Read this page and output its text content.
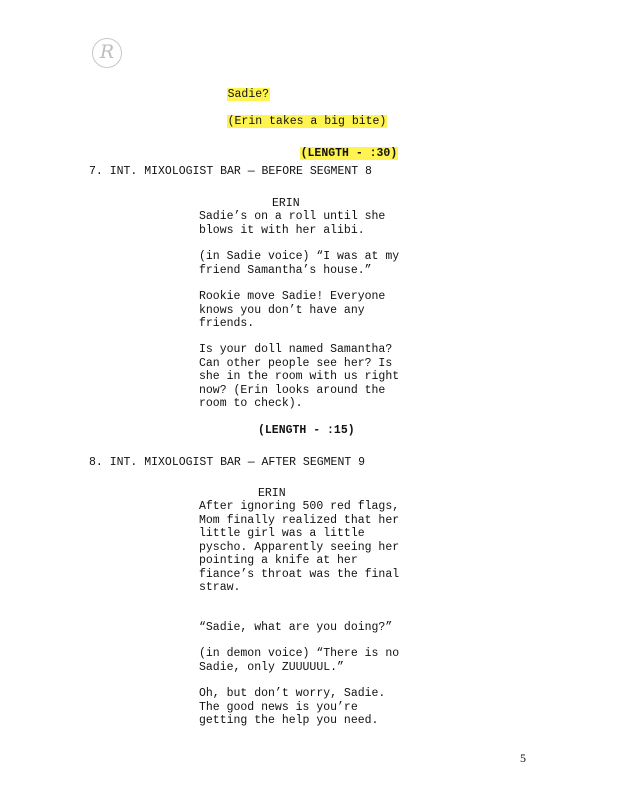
R

Sadie?

(Erin takes a big bite)

(LENGTH - :30)

7. INT. MIXOLOGIST BAR — BEFORE SEGMENT 8
ERIN

Sadie’s on a roll until she
blows it with her alibi.

(in Sadie voice) “I was at my
friend Samantha’s house.”

Rookie move Sadie! Everyone
knows you don’t have any
friends.

Is your doll named Samantha?
Can other people see her? Is
she in the room with us right
now? (Erin looks around the
room to check).

(LENGTH - :15)
8. INT. MIXOLOGIST BAR — AFTER SEGMENT 9
ERIN

After ignoring 500 red flags,
Mom finally realized that her
little girl was a little
pyscho. Apparently seeing her
pointing a knife at her
fiance’s throat was the final
straw.

“Sadie, what are you doing?”

(in demon voice) “There is no
Sadie, only ZUUUUUL.”

Oh, but don’t worry, Sadie.
The good news is you’re
getting the help you need.

5
